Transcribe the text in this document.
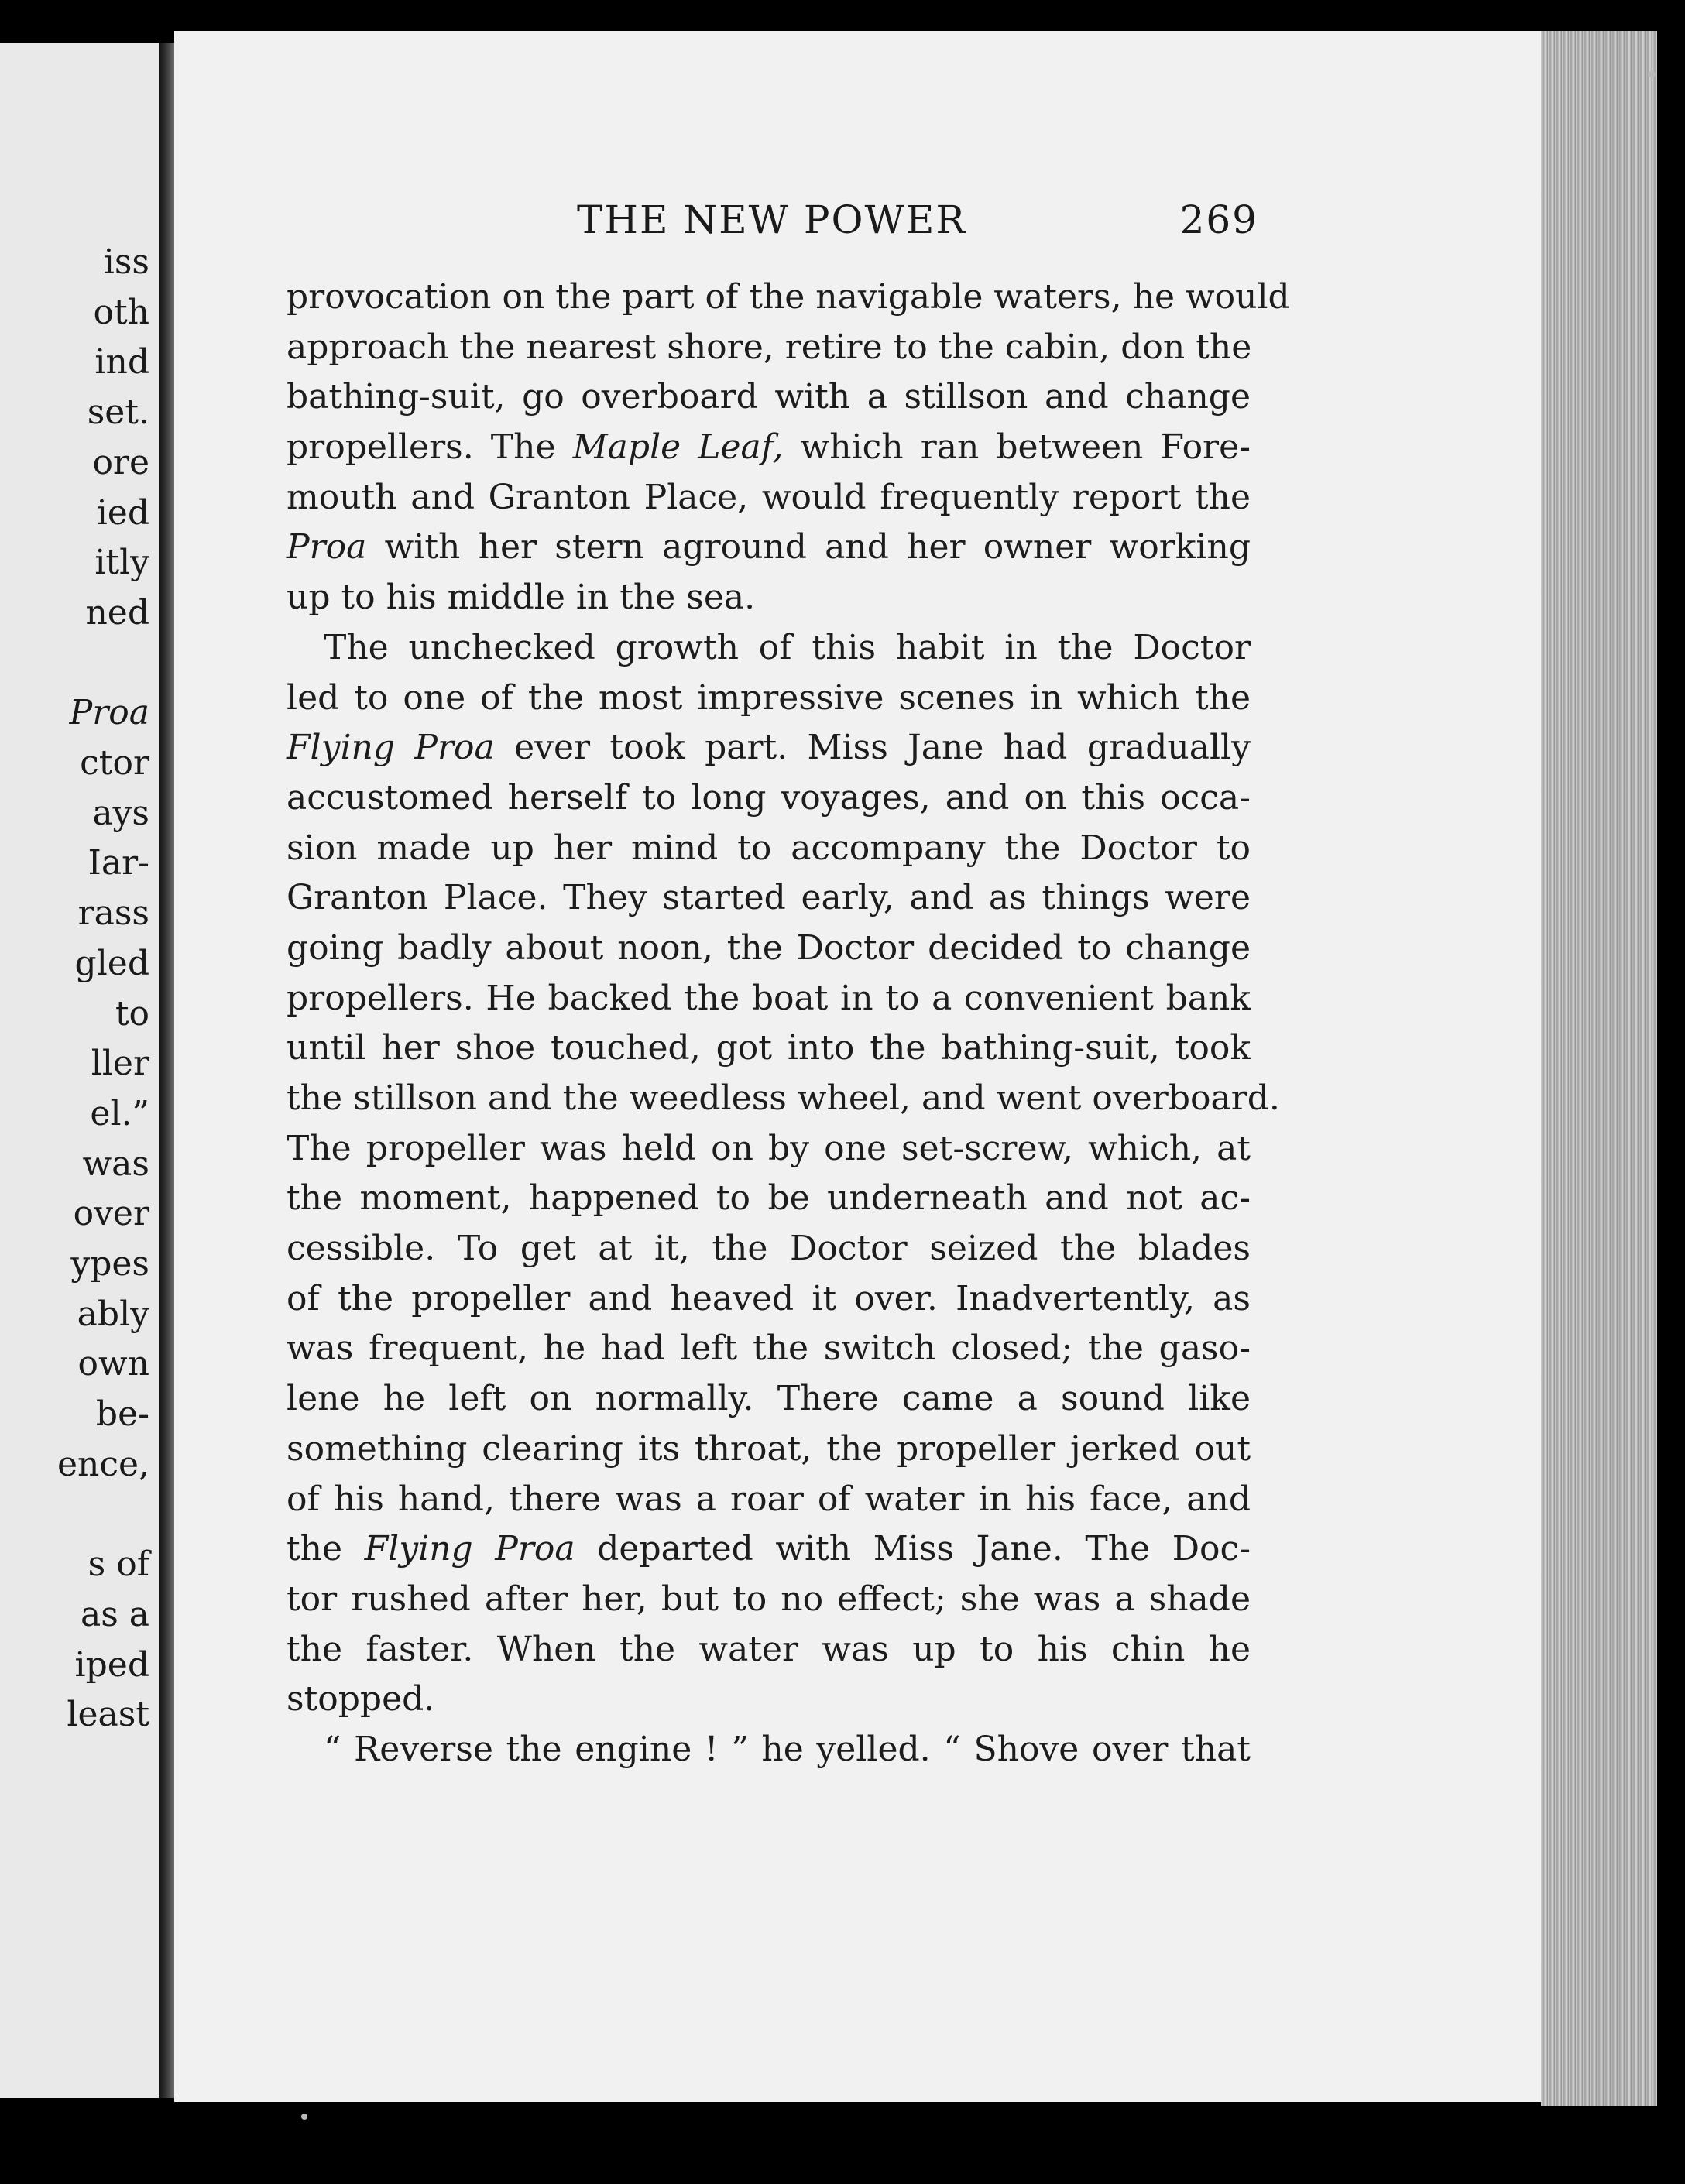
iss
oth
ind
set.
ore
ied
itly
ned
Proa
ctor
ays
Iar-
rass
gled
to
ller
el.”
was
over
ypes
ably
own
be-
ence,
s of
as a
iped
least
THE NEW POWER	269
provocation on the part of the navigable waters, he would
approach the nearest shore, retire to the cabin, don the
bathing-suit, go overboard with a stillson and change
propellers. The Maple Leaf, which ran between Fore-
mouth and Granton Place, would frequently report the
Proa with her stern aground and her owner working
up to his middle in the sea.
The unchecked growth of this habit in the Doctor
led to one of the most impressive scenes in which the
Flying Proa ever took part. Miss Jane had gradually
accustomed herself to long voyages, and on this occa-
sion made up her mind to accompany the Doctor to
Granton Place. They started early, and as things were
going badly about noon, the Doctor decided to change
propellers. He backed the boat in to a convenient bank
until her shoe touched, got into the bathing-suit, took
the stillson and the weedless wheel, and went overboard.
The propeller was held on by one set-screw, which, at
the moment, happened to be underneath and not ac-
cessible. To get at it, the Doctor seized the blades
of the propeller and heaved it over. Inadvertently, as
was frequent, he had left the switch closed; the gaso-
lene he left on normally. There came a sound like
something clearing its throat, the propeller jerked out
of his hand, there was a roar of water in his face, and
the Flying Proa departed with Miss Jane. The Doc-
tor rushed after her, but to no effect; she was a shade
the faster. When the water was up to his chin he
stopped.
“ Reverse the engine ! ” he yelled. “ Shove over that
